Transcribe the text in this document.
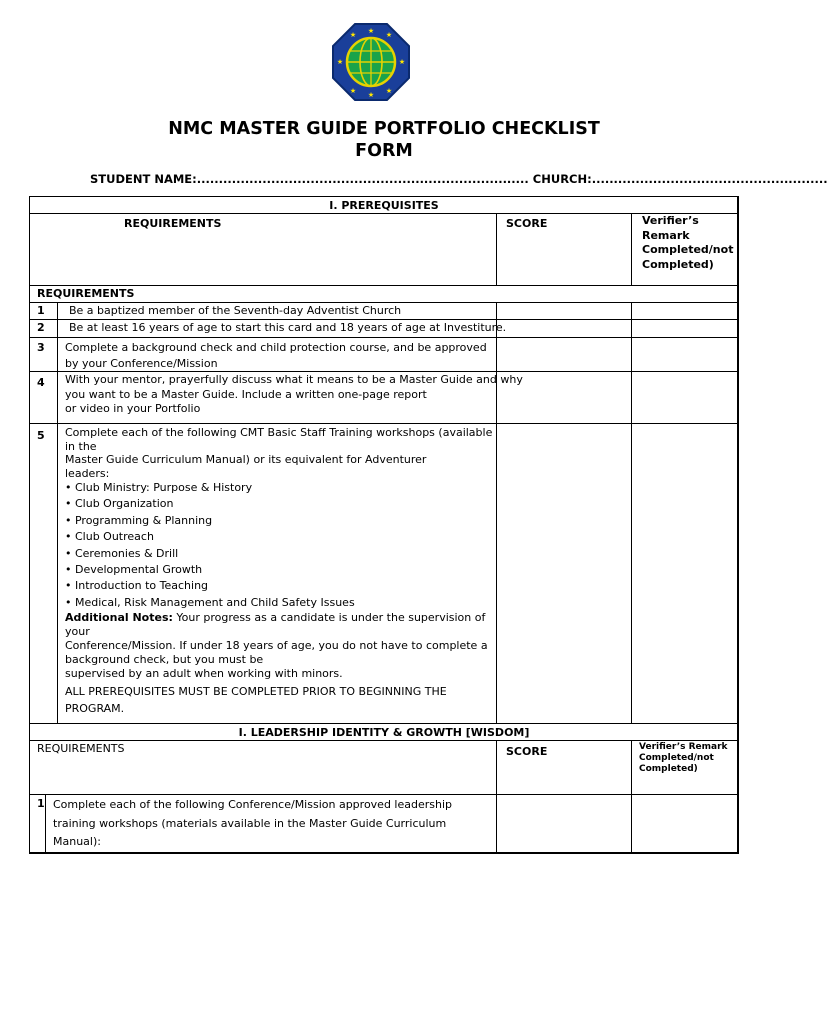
★ ★
★
★ ★
★
★	★
NMC MASTER GUIDE PORTFOLIO CHECKLIST
FORM
STUDENT NAME:............................................................................ CHURCH:......................................................
I. PREREQUISITES
REQUIREMENTS	SCORE	Verifier’s
Remark
Completed/not
Completed)
REQUIREMENTS
1 Be a baptized member of the Seventh-day Adventist Church
2 Be at least 16 years of age to start this card and 18 years of age at Investiture.
3 Complete a background check and child protection course, and be approved
by your Conference/Mission
4 With your mentor, prayerfully discuss what it means to be a Master Guide and why
you want to be a Master Guide. Include a written one-page report
or video in your Portfolio
5 Complete each of the following CMT Basic Staff Training workshops (available in the
Master Guide Curriculum Manual) or its equivalent for Adventurer
leaders:
• Club Ministry: Purpose & History
• Club Organization
• Programming & Planning
• Club Outreach
• Ceremonies & Drill
• Developmental Growth
• Introduction to Teaching
• Medical, Risk Management and Child Safety Issues
Additional Notes: Your progress as a candidate is under the supervision of your
Conference/Mission. If under 18 years of age, you do not have to complete a
background check, but you must be
supervised by an adult when working with minors.
ALL PREREQUISITES MUST BE COMPLETED PRIOR TO BEGINNING THE
PROGRAM.
I. LEADERSHIP IDENTITY & GROWTH [WISDOM]
REQUIREMENTS	SCORE	Verifier’s Remark
Completed/not
Completed)
1 Complete each of the following Conference/Mission approved leadership
training workshops (materials available in the Master Guide Curriculum
Manual):
